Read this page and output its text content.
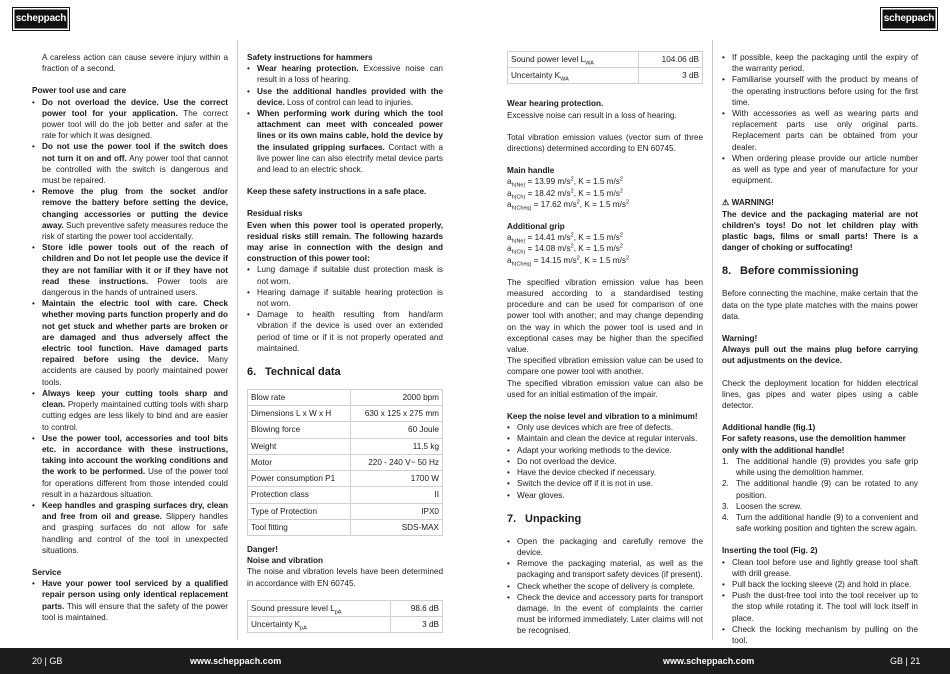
scheppach	scheppach

A careless action can cause severe injury within a fraction of a second.

Power tool use and care

• Do not overload the device. Use the correct power tool for your application. The correct power tool will do the job better and safer at the rate for which it was designed.
• Do not use the power tool if the switch does not turn it on and off. Any power tool that cannot be controlled with the switch is dangerous and must be repaired.
• Remove the plug from the socket and/or remove the battery before setting the device, changing accessories or putting the device away. Such preventive safety measures reduce the risk of starting the power tool accidentally.
• Store idle power tools out of the reach of children and Do not let people use the device if they are not familiar with it or if they have not read these instructions. Power tools are dangerous in the hands of untrained users.
• Maintain the electric tool with care. Check whether moving parts function properly and do not get stuck and whether parts are broken or are damaged and thus adversely affect the electric tool function. Have damaged parts repaired before using the device. Many accidents are caused by poorly maintained power tools.
• Always keep your cutting tools sharp and clean. Properly maintained cutting tools with sharp cutting edges are less likely to bind and are easier to control.
• Use the power tool, accessories and tool bits etc. in accordance with these instructions, taking into account the working conditions and the work to be performed. Use of the power tool for operations different from those intended could result in a hazardous situation.
• Keep handles and grasping surfaces dry, clean and free from oil and grease. Slippery handles and grasping surfaces do not allow for safe handling and control of the tool in unexpected situations.

Service

• Have your power tool serviced by a qualified repair person using only identical replacement parts. This will ensure that the safety of the power tool is maintained.

Safety instructions for hammers

• Wear hearing protection. Excessive noise can result in a loss of hearing.
• Use the additional handles provided with the device. Loss of control can lead to injuries.
• When performing work during which the tool attachment can meet with concealed power lines or its own mains cable, hold the device by the insulated gripping surfaces. Contact with a live power line can also electrify metal device parts and lead to an electric shock.

Keep these safety instructions in a safe place.

Residual risks

Even when this power tool is operated properly, residual risks still remain. The following hazards may arise in connection with the design and construction of this power tool:

• Lung damage if suitable dust protection mask is not worn.
• Hearing damage if suitable hearing protection is not worn.
• Damage to health resulting from hand/arm vibration if the device is used over an extended period of time or if it is not properly operated and maintained.
6. Technical data
Blow rate	2000 bpm
Dimensions L x W x H	630 x 125 x 275 mm
Blowing force	60 Joule
Weight	11.5 kg
Motor	220 - 240 V~ 50 Hz
Power consumption P1	1700 W
Protection class	II
Type of Protection	IPX0
Tool fitting	SDS-MAX

Danger!

Noise and vibration

The noise and vibration levels have been determined in accordance with EN 60745.

Sound pressure level $L_{pA}$	98.6 dB
Uncertainty $K_{pA}$	3 dB
Sound power level $L_{WA}$	104.06 dB
Uncertainty $K_{WA}$	3 dB

Wear hearing protection.

Excessive noise can result in a loss of hearing.

Total vibration emission values (vector sum of three directions) determined according to EN 60745.

Main handle

$a_{h(Ne)} = 13.99$ $m/s^2$, K = 1.5 $m/s^2$
$a_{h(Ch)} = 18.42$ $m/s^2$, K = 1.5 $m/s^2$
$a_{h(Cheq)} = 17.62$ $m/s^2$, K = 1.5 $m/s^2$

Additional grip

$a_{h(Ne)} = 14.41$ $m/s^2$, K = 1.5 $m/s^2$
$a_{h(Ch)} = 14.08$ $m/s^2$, K = 1.5 $m/s^2$
$a_{h(Cheq)} = 14.15$ $m/s^2$, K = 1.5 $m/s^2$

The specified vibration emission value has been measured according to a standardised testing procedure and can be used for comparison of one power tool with another; and may change depending on the way in which the power tool is used and in exceptional cases may be higher than the specified value.

The specified vibration emission value can be used to compare one power tool with another.

The specified vibration emission value can also be used for an initial estimation of the impair.

Keep the noise level and vibration to a minimum!

• Only use devices which are free of defects.
• Maintain and clean the device at regular intervals.
• Adapt your working methods to the device.
• Do not overload the device.
• Have the device checked if necessary.
• Switch the device off if it is not in use.
• Wear gloves.
7. Unpacking
• Open the packaging and carefully remove the device.
• Remove the packaging material, as well as the packaging and transport safety devices (if present).
• Check whether the scope of delivery is complete.
• Check the device and accessory parts for transport damage. In the event of complaints the carrier must be informed immediately. Later claims will not be recognised.
• If possible, keep the packaging until the expiry of the warranty period.
• Familiarise yourself with the product by means of the operating instructions before using for the first time.
• With accessories as well as wearing parts and replacement parts use only original parts. Replacement parts can be obtained from your dealer.
• When ordering please provide our article number as well as type and year of manufacture for your equipment.

⚠ WARNING!

The device and the packaging material are not children's toys! Do not let children play with plastic bags, films or small parts! There is a danger of choking or suffocating!

8. Before commissioning

Before connecting the machine, make certain that the data on the type plate matches with the mains power data.

Warning!

Always pull out the mains plug before carrying out adjustments on the device.

Check the deployment location for hidden electrical lines, gas pipes and water pipes using a cable detector.

Additional handle (fig.1)

For safety reasons, use the demolition hammer only with the additional handle!

1. The additional handle (9) provides you safe grip while using the demolition hammer.
2. The additional handle (9) can be rotated to any position.
3. Loosen the screw.
4. Turn the additional handle (9) to a convenient and safe working position and tighten the screw again.

Inserting the tool (Fig. 2)

• Clean tool before use and lightly grease tool shaft with drill grease.
• Pull back the locking sleeve (2) and hold in place.
• Push the dust-free tool into the tool receiver up to the stop while rotating it. The tool will lock itself in place.
• Check the locking mechanism by pulling on the tool.
20 | GB	www.scheppach.com	www.scheppach.com	GB | 21
